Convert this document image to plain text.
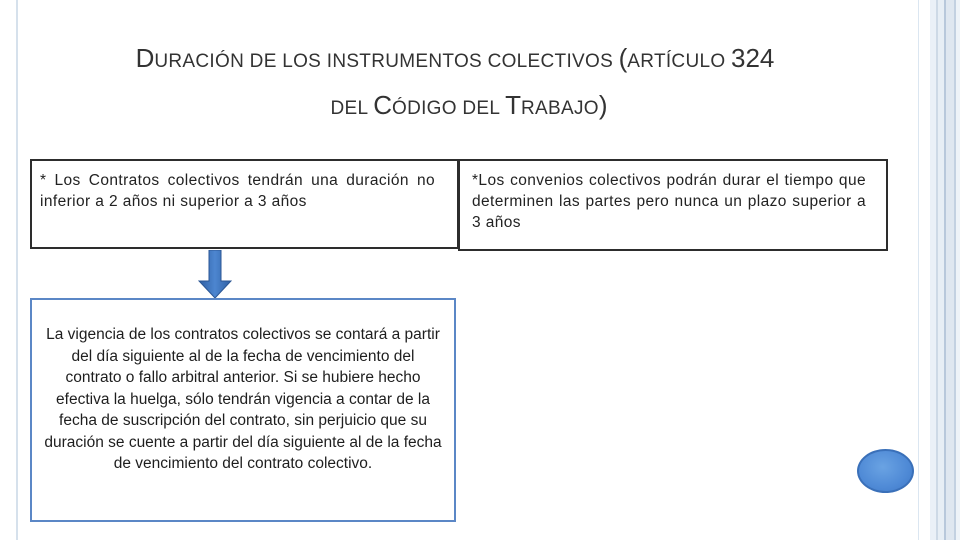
DURACIÓN DE LOS INSTRUMENTOS COLECTIVOS (ARTÍCULO 324
DEL CÓDIGO DEL TRABAJO)
* Los Contratos colectivos tendrán una duración no inferior a 2 años ni superior a 3 años
*Los convenios colectivos podrán durar el tiempo que determinen las partes pero nunca un plazo superior a 3 años
La vigencia de los contratos colectivos se contará a partir del día siguiente al de la fecha de vencimiento del contrato o fallo arbitral anterior. Si se hubiere hecho efectiva la huelga, sólo tendrán vigencia a contar de la fecha de suscripción del contrato, sin perjuicio que su duración se cuente a partir del día siguiente al de la fecha de vencimiento del contrato colectivo.
